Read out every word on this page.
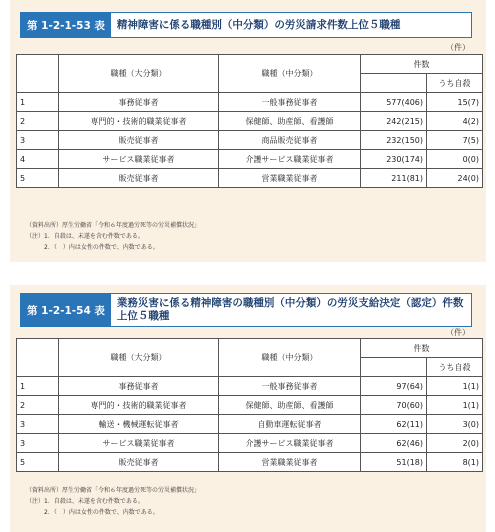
第 1-2-1-53 表	精神障害に係る職種別（中分類）の労災請求件数上位５職種
（件）
	職種（大分類）	職種（中分類）	件数	
				うち自殺
1	事務従事者	一般事務従事者	577(406)	15(7)
2	専門的・技術的職業従事者	保健師、助産師、看護師	242(215)	4(2)
3	販売従事者	商品販売従事者	232(150)	7(5)
4	サービス職業従事者	介護サービス職業従事者	230(174)	0(0)
5	販売従事者	営業職業従事者	211(81)	24(0)
（資料出所）厚生労働省「令和６年度過労死等の労災補償状況」
（注）1．自殺は、未遂を含む件数である。
2．（　）内は女性の件数で、内数である。
第 1-2-1-54 表
業務災害に係る精神障害の職種別（中分類）の労災支給決定（認定）件数上位５職種
（件）
	職種（大分類）	職種（中分類）	件数	
				うち自殺
1	事務従事者	一般事務従事者	97(64)	1(1)
2	専門的・技術的職業従事者	保健師、助産師、看護師	70(60)	1(1)
3	輸送・機械運転従事者	自動車運転従事者	62(11)	3(0)
3	サービス職業従事者	介護サービス職業従事者	62(46)	2(0)
5	販売従事者	営業職業従事者	51(18)	8(1)
（資料出所）厚生労働省「令和６年度過労死等の労災補償状況」
（注）1．自殺は、未遂を含む件数である。
2．（　）内は女性の件数で、内数である。
